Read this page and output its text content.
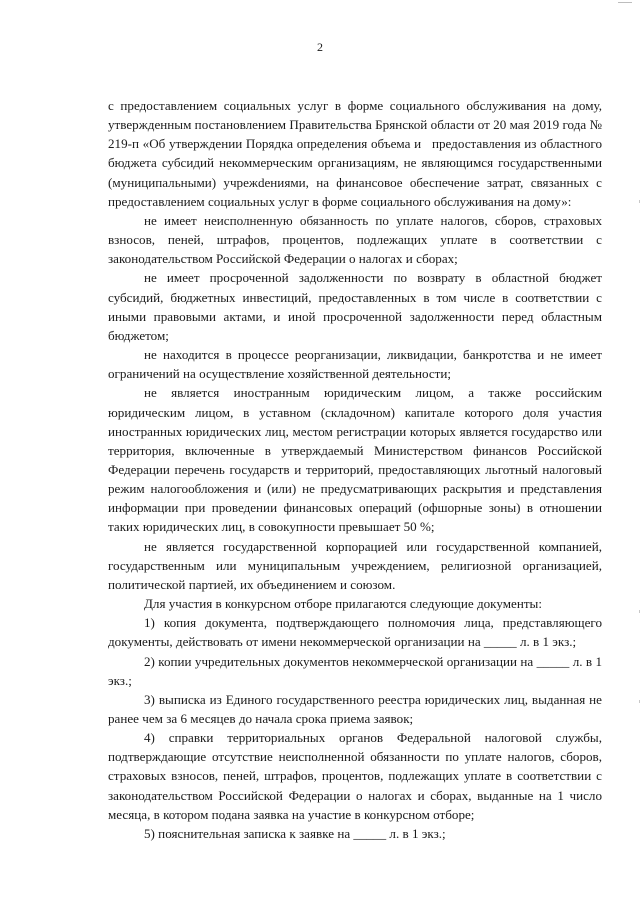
2

с предоставлением социальных услуг в форме социального обслуживания на дому, утвержденным постановлением Правительства Брянской области от 20 мая 2019 года № 219-п «Об утверждении Порядка определения объема и   предоставления из областного бюджета субсидий некоммерческим организациям, не являющимся государственными (муниципальными) учрежdениями, на финансовое обеспечение затрат, связанных с предоставлением социальных услуг в форме социального обслуживания на дому»:

не имеет неисполненную обязанность по уплате налогов, сборов, страховых взносов, пеней, штрафов, процентов, подлежащих уплате в соответствии с законодательством Российской Федерации о налогах и сборах;

не имеет просроченной задолженности по возврату в областной бюджет субсидий, бюджетных инвестиций, предоставленных в том числе в соответствии с иными правовыми актами, и иной просроченной задолженности перед областным бюджетом;

не находится в процессе реорганизации, ликвидации, банкротства и не имеет ограничений на осуществление хозяйственной деятельности;

не является иностранным юридическим лицом, а также российским юридическим лицом, в уставном (складочном) капитале которого доля участия иностранных юридических лиц, местом регистрации которых является государство или территория, включенные в утверждаемый Министерством финансов Российской Федерации перечень государств и территорий, предоставляющих льготный налоговый режим налогообложения и (или) не предусматривающих раскрытия и представления информации при проведении финансовых операций (офшорные зоны) в отношении таких юридических лиц, в совокупности превышает 50 %;

не является государственной корпорацией или государственной компанией, государственным или муниципальным учреждением, религиозной организацией, политической партией, их объединением и союзом.

Для участия в конкурсном отборе прилагаются следующие документы:

1) копия документа, подтверждающего полномочия лица, представляющего документы, действовать от имени некоммерческой организации на _____ л. в 1 экз.;

2) копии учредительных документов некоммерческой организации на _____ л. в 1 экз.;

3) выписка из Единого государственного реестра юридических лиц, выданная не ранее чем за 6 месяцев до начала срока приема заявок;

4) справки территориальных органов Федеральной налоговой службы, подтверждающие отсутствие неисполненной обязанности по уплате налогов, сборов, страховых взносов, пеней, штрафов, процентов, подлежащих уплате в соответствии с законодательством Российской Федерации о налогах и сборах, выданные на 1 число месяца, в котором подана заявка на участие в конкурсном отборе;

5) пояснительная записка к заявке на _____ л. в 1 экз.;
